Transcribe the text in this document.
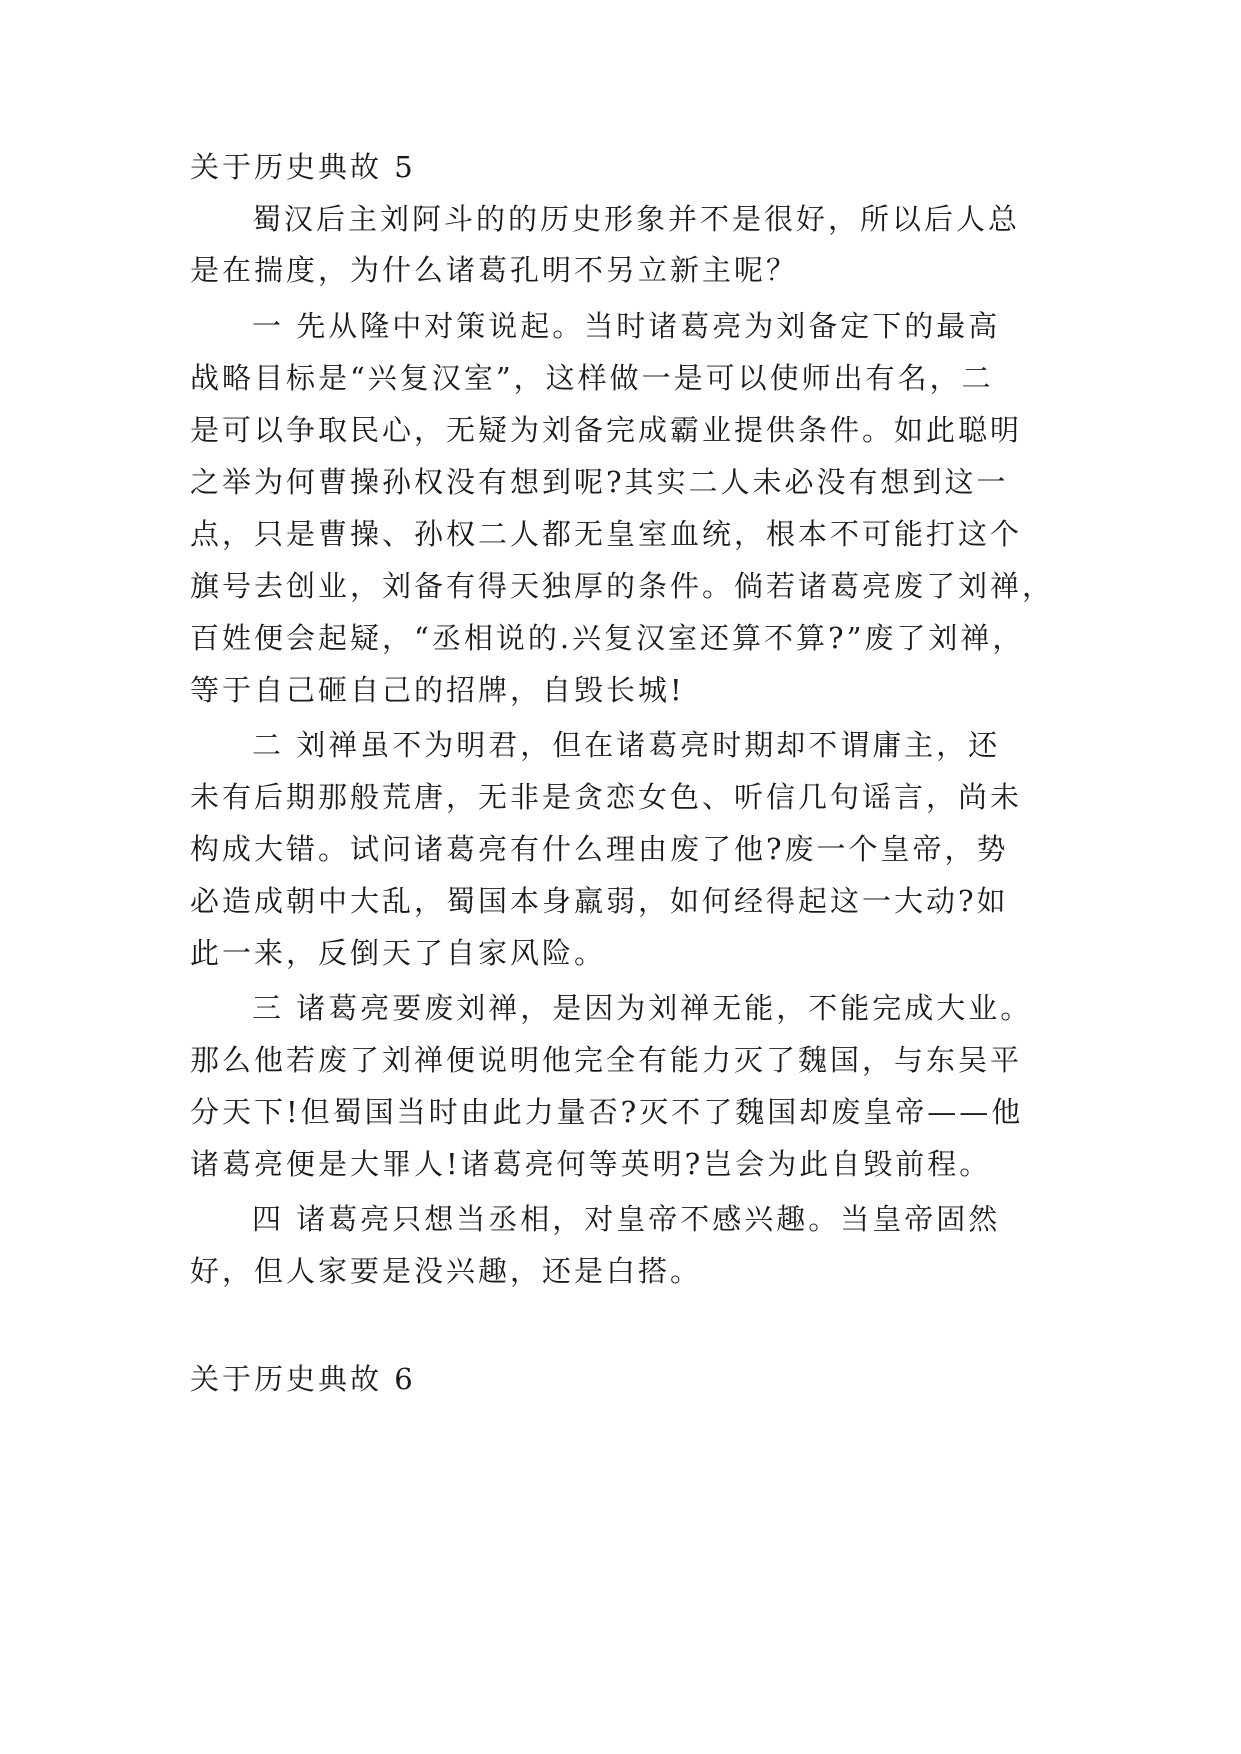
关于历史典故 5
蜀汉后主刘阿斗的的历史形象并不是很好，所以后人总
是在揣度，为什么诸葛孔明不另立新主呢？
一 先从隆中对策说起。当时诸葛亮为刘备定下的最高
战略目标是“兴复汉室”，这样做一是可以使师出有名，二
是可以争取民心，无疑为刘备完成霸业提供条件。如此聪明
之举为何曹操孙权没有想到呢?其实二人未必没有想到这一
点，只是曹操、孙权二人都无皇室血统，根本不可能打这个
旗号去创业，刘备有得天独厚的条件。倘若诸葛亮废了刘禅，
百姓便会起疑，“丞相说的.兴复汉室还算不算?”废了刘禅，
等于自己砸自己的招牌，自毁长城!
二 刘禅虽不为明君，但在诸葛亮时期却不谓庸主，还
未有后期那般荒唐，无非是贪恋女色、听信几句谣言，尚未
构成大错。试问诸葛亮有什么理由废了他?废一个皇帝，势
必造成朝中大乱，蜀国本身羸弱，如何经得起这一大动?如
此一来，反倒天了自家风险。
三 诸葛亮要废刘禅，是因为刘禅无能，不能完成大业。
那么他若废了刘禅便说明他完全有能力灭了魏国，与东吴平
分天下!但蜀国当时由此力量否?灭不了魏国却废皇帝——他
诸葛亮便是大罪人!诸葛亮何等英明?岂会为此自毁前程。
四 诸葛亮只想当丞相，对皇帝不感兴趣。当皇帝固然
好，但人家要是没兴趣，还是白搭。
关于历史典故 6
